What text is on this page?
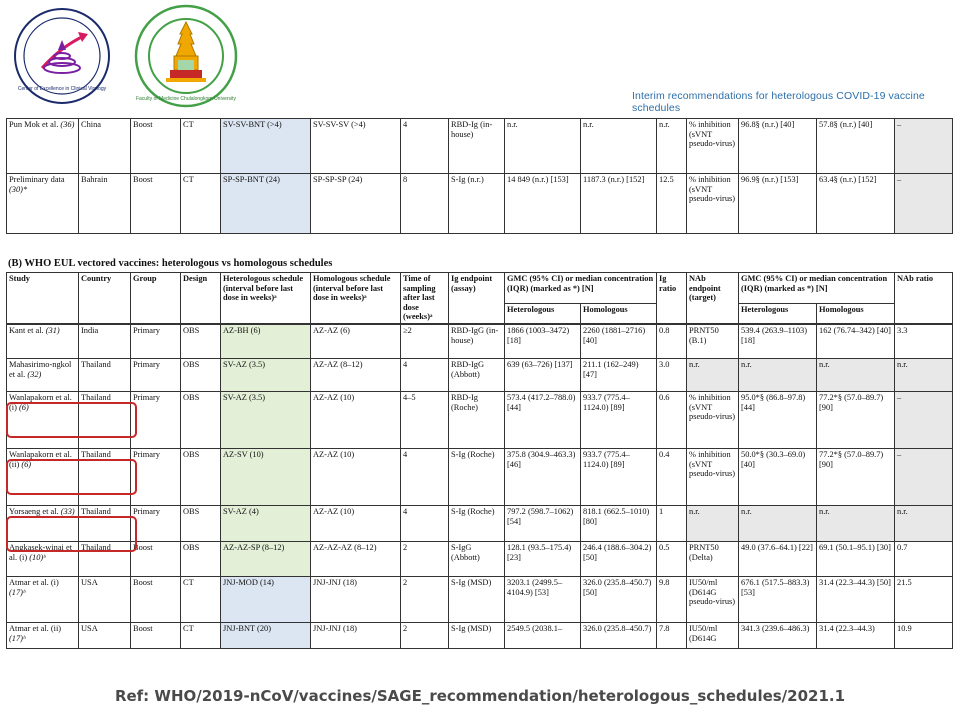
Center of Excellence in Clinical Virology
Faculty of Medicine Chulalongkorn University	Interim recommendations for heterologous COVID-19 vaccine schedules
Pun Mok et al. (36)	China	Boost	CT	SV-SV-BNT (>4)	SV-SV-SV (>4)	4	RBD-Ig (in-house)	n.r.	n.r.	n.r.	% inhibition (sVNT pseudo-virus)	96.8§ (n.r.) [40]	57.8§ (n.r.) [40]	–
Preliminary data (30)*	Bahrain	Boost	CT	SP-SP-BNT (24)	SP-SP-SP (24)	8	S-Ig (n.r.)	14 849 (n.r.) [153]	1187.3 (n.r.) [152]	12.5	% inhibition (sVNT pseudo-virus)	96.9§ (n.r.) [153]	63.4§ (n.r.) [152]	–
(B) WHO EUL vectored vaccines: heterologous vs homologous schedules
Study	Country	Group	Design	Heterologous schedule (interval before last dose in weeks)ᵃ	Homologous schedule (interval before last dose in weeks)ᵃ	Time of sampling after last dose (weeks)ᵃ	Ig endpoint (assay)	GMC (95% CI) or median concentration (IQR) (marked as *) [N]		Ig ratio	NAb endpoint (target)	GMC (95% CI) or median concentration (IQR) (marked as *) [N]		NAb ratio
								Heterologous	Homologous			Heterologous	Homologous	
Kant et al. (31)	India	Primary	OBS	AZ-BH (6)	AZ-AZ (6)	≥2	RBD-IgG (in-house)	1866 (1003–3472) [18]	2260 (1881–2716) [40]	0.8	PRNT50 (B.1)	539.4 (263.9–1103) [18]	162 (76.74–342) [40]	3.3
Mahasirimo-ngkol et al. (32)	Thailand	Primary	OBS	SV-AZ (3.5)	AZ-AZ (8–12)	4	RBD-IgG (Abbott)	639 (63–726) [137]	211.1 (162–249) [47]	3.0	n.r.	n.r.	n.r.	n.r.
Wanlapakorn et al. (i) (6)	Thailand	Primary	OBS	SV-AZ (3.5)	AZ-AZ (10)	4–5	RBD-Ig (Roche)	573.4 (417.2–788.0) [44]	933.7 (775.4–1124.0) [89]	0.6	% inhibition (sVNT pseudo-virus)	95.0*§ (86.8–97.8) [44]	77.2*§ (57.0–89.7) [90]	–
Wanlapakorn et al. (ii) (6)	Thailand	Primary	OBS	AZ-SV (10)	AZ-AZ (10)	4	S-Ig (Roche)	375.8 (304.9–463.3) [46]	933.7 (775.4–1124.0) [89]	0.4	% inhibition (sVNT pseudo-virus)	50.0*§ (30.3–69.0) [40]	77.2*§ (57.0–89.7) [90]	–
Yorsaeng et al. (33)	Thailand	Primary	OBS	SV-AZ (4)	AZ-AZ (10)	4	S-Ig (Roche)	797.2 (598.7–1062) [54]	818.1 (662.5–1010) [80]	1	n.r.	n.r.	n.r.	n.r.
Angkasek-winai et al. (i) (10)ᵇ	Thailand	Boost	OBS	AZ-AZ-SP (8–12)	AZ-AZ-AZ (8–12)	2	S-IgG (Abbott)	128.1 (93.5–175.4) [23]	246.4 (188.6–304.2) [50]	0.5	PRNT50 (Delta)	49.0 (37.6–64.1) [22]	69.1 (50.1–95.1) [30]	0.7
Atmar et al. (i) (17)ᵇ	USA	Boost	CT	JNJ-MOD (14)	JNJ-JNJ (18)	2	S-Ig (MSD)	3203.1 (2499.5–4104.9) [53]	326.0 (235.8–450.7) [50]	9.8	IU50/ml (D614G pseudo-virus)	676.1 (517.5–883.3) [53]	31.4 (22.3–44.3) [50]	21.5
Atmar et al. (ii) (17)ᵇ	USA	Boost	CT	JNJ-BNT (20)	JNJ-JNJ (18)	2	S-Ig (MSD)	2549.5 (2038.1–	326.0 (235.8–450.7)	7.8	IU50/ml (D614G	341.3 (239.6–486.3)	31.4 (22.3–44.3)	10.9
Ref: WHO/2019-nCoV/vaccines/SAGE_recommendation/heterologous_schedules/2021.1
